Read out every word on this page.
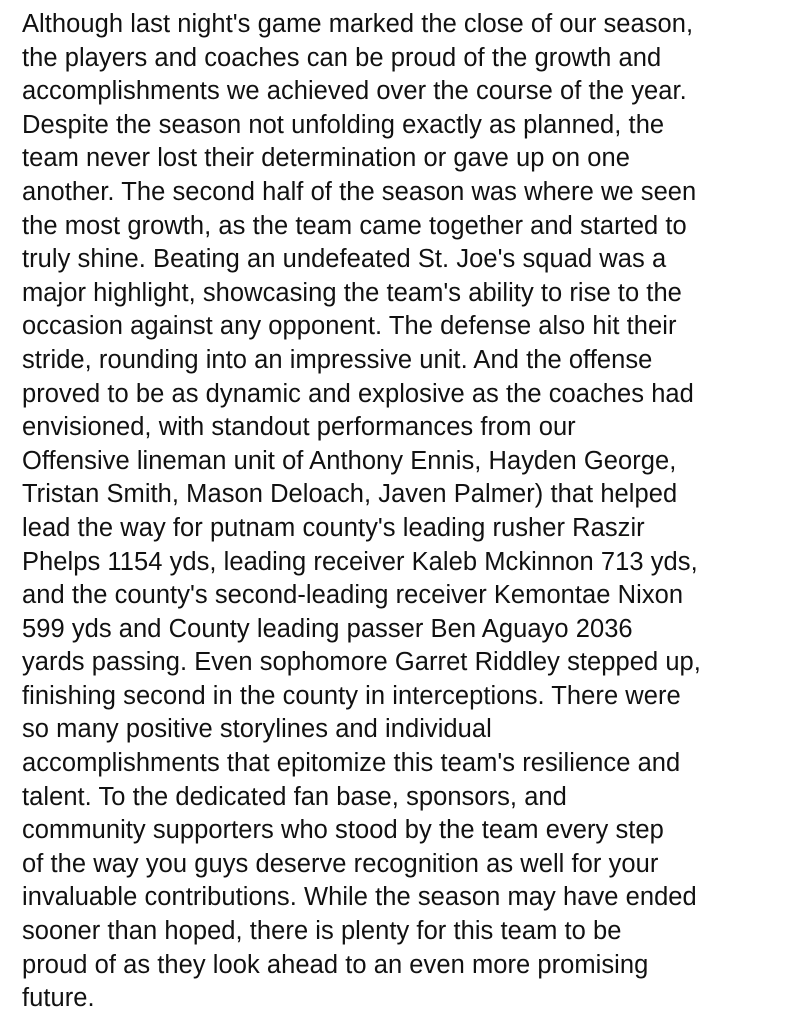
Although last night's game marked the close of our season,
the players and coaches can be proud of the growth and
accomplishments we achieved over the course of the year.
Despite the season not unfolding exactly as planned, the
team never lost their determination or gave up on one
another. The second half of the season was where we seen
the most growth, as the team came together and started to
truly shine. Beating an undefeated St. Joe's squad was a
major highlight, showcasing the team's ability to rise to the
occasion against any opponent. The defense also hit their
stride, rounding into an impressive unit. And the offense
proved to be as dynamic and explosive as the coaches had
envisioned, with standout performances from our
Offensive lineman unit of Anthony Ennis, Hayden George,
Tristan Smith, Mason Deloach, Javen Palmer) that helped
lead the way for putnam county's leading rusher Raszir
Phelps 1154 yds, leading receiver Kaleb Mckinnon 713 yds,
and the county's second-leading receiver Kemontae Nixon
599 yds and County leading passer Ben Aguayo 2036
yards passing. Even sophomore Garret Riddley stepped up,
finishing second in the county in interceptions. There were
so many positive storylines and individual
accomplishments that epitomize this team's resilience and
talent. To the dedicated fan base, sponsors, and
community supporters who stood by the team every step
of the way you guys deserve recognition as well for your
invaluable contributions. While the season may have ended
sooner than hoped, there is plenty for this team to be
proud of as they look ahead to an even more promising
future.
